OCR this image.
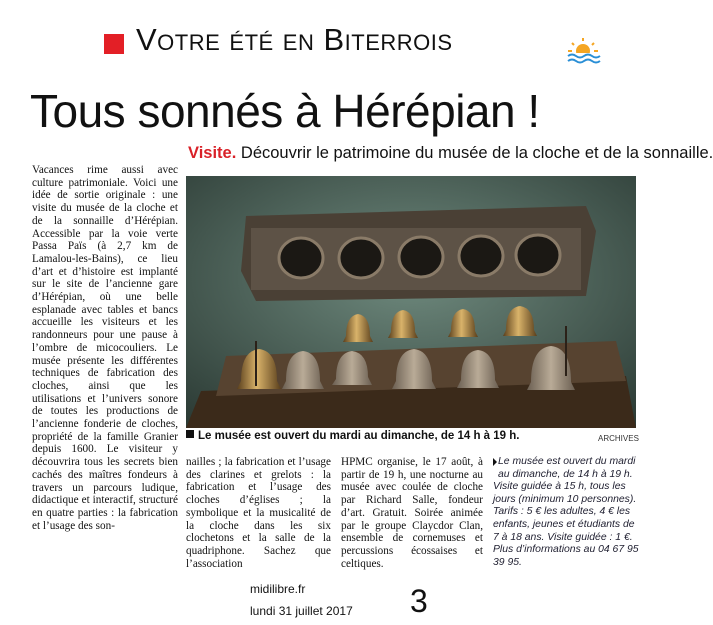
Votre été en Biterrois
Tous sonnés à Hérépian !
Visite. Découvrir le patrimoine du musée de la cloche et de la sonnaille.
Le musée est ouvert du mardi au dimanche, de 14 h à 19 h.	ARCHIVES

Vacances rime aussi avec culture patrimoniale. Voici une idée de sortie originale : une visite du musée de la cloche et de la sonnaille d’Hérépian. Accessible par la voie verte Passa Païs (à 2,7 km de Lamalou-les-Bains), ce lieu d’art et d’histoire est implanté sur le site de l’ancienne gare d’Hérépian, où une belle esplanade avec tables et bancs accueille les visiteurs et les randonneurs pour une pause à l’ombre de micocouliers. Le musée présente les différentes techniques de fabrication des cloches, ainsi que les utilisations et l’univers sonore de toutes les productions de l’ancienne fonderie de cloches, propriété de la famille Granier depuis 1600. Le visiteur y découvrira tous les secrets bien cachés des maîtres fondeurs à travers un parcours ludique, didactique et interactif, structuré en quatre parties : la fabrication et l’usage des son-

nailles ; la fabrication et l’usage des clarines et grelots : la fabrication et l’usage des cloches d’églises ; la symbolique et la musicalité de la cloche dans les six clochetons et la salle de la quadriphone. Sachez que l’association

HPMC organise, le 17 août, à partir de 19 h, une nocturne au musée avec coulée de cloche par Richard Salle, fondeur d’art. Gratuit. Soirée animée par le groupe Claycdor Clan, ensemble de cornemuses et percussions écossaises et celtiques.

Le musée est ouvert du mardi au dimanche, de 14 h à 19 h.
Visite guidée à 15 h, tous les jours (minimum 10 personnes). Tarifs : 5 € les adultes, 4 € les enfants, jeunes et étudiants de 7 à 18 ans. Visite guidée : 1 €. Plus d’informations au 04 67 95 39 95.
midilibre.fr
lundi 31 juillet 2017 3
